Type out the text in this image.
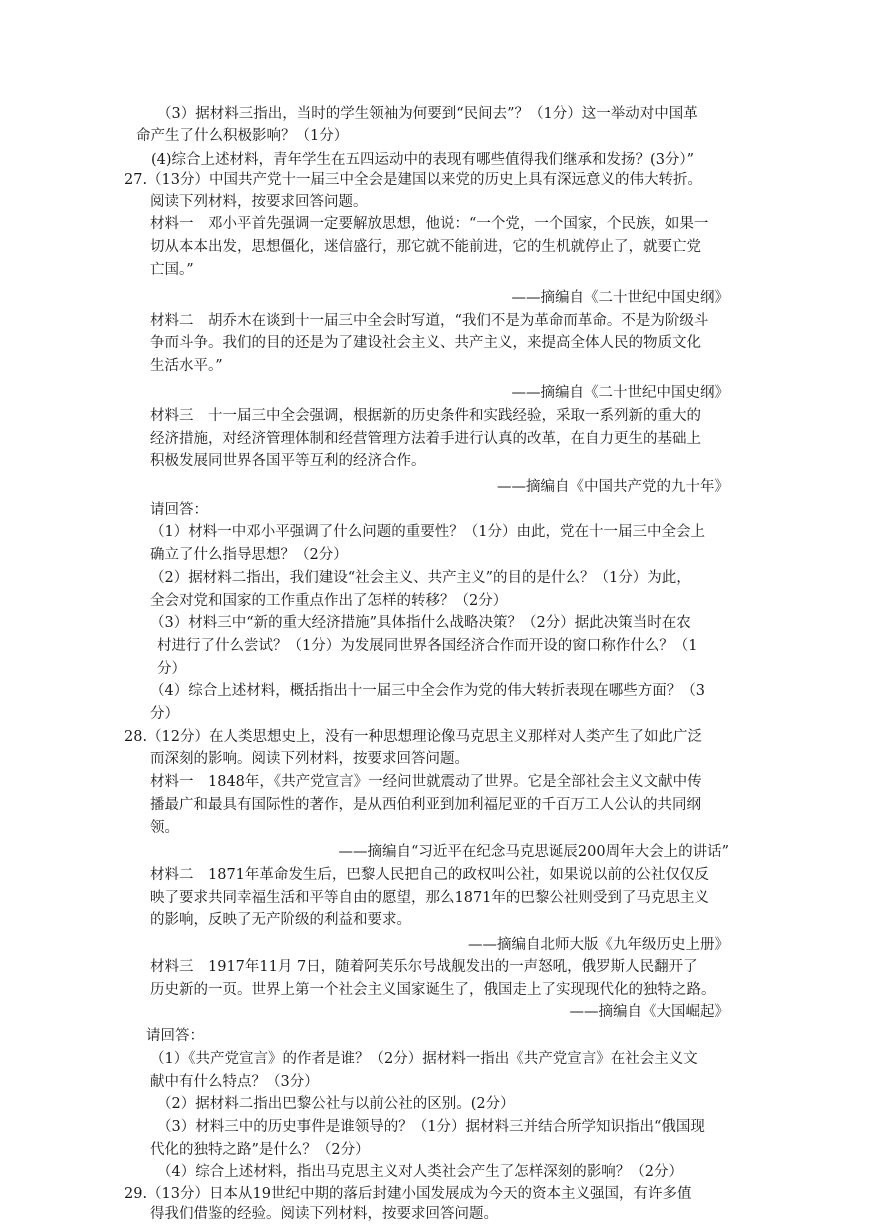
（3）据材料三指出，当时的学生领袖为何要到“民间去”？（1分）这一举动对中国革
命产生了什么积极影响？（1分）
(4)综合上述材料，青年学生在五四运动中的表现有哪些值得我们继承和发扬？(3分）”
27.（13分）中国共产党十一届三中全会是建国以来党的历史上具有深远意义的伟大转折。
阅读下列材料，按要求回答问题。
材料一　邓小平首先强调一定要解放思想，他说：“一个党，一个国家，个民族，如果一
切从本本出发，思想僵化，迷信盛行，那它就不能前进，它的生机就停止了，就要亡党
亡国。”
——摘编自《二十世纪中国史纲》
材料二　胡乔木在谈到十一届三中全会时写道，“我们不是为革命而革命。不是为阶级斗
争而斗争。我们的目的还是为了建设社会主义、共产主义，来提高全体人民的物质文化
生活水平。”
——摘编自《二十世纪中国史纲》
材料三　十一届三中全会强调，根据新的历史条件和实践经验，采取一系列新的重大的
经济措施，对经济管理体制和经营管理方法着手进行认真的改革，在自力更生的基础上
积极发展同世界各国平等互利的经济合作。
——摘编自《中国共产党的九十年》
请回答：
（1）材料一中邓小平强调了什么问题的重要性？（1分）由此，党在十一届三中全会上
确立了什么指导思想？（2分）
（2）据材料二指出，我们建设“社会主义、共产主义”的目的是什么？（1分）为此，
全会对党和国家的工作重点作出了怎样的转移？（2分）
（3）材料三中“新的重大经济措施”具体指什么战略决策？（2分）据此决策当时在农
村进行了什么尝试？（1分）为发展同世界各国经济合作而开设的窗口称作什么？（1
分）
（4）综合上述材料，概括指出十一届三中全会作为党的伟大转折表现在哪些方面？（3
分）
28.（12分）在人类思想史上，没有一种思想理论像马克思主义那样对人类产生了如此广泛
而深刻的影响。阅读下列材料，按要求回答问题。
材料一　1848年，《共产党宣言》一经问世就震动了世界。它是全部社会主义文献中传
播最广和最具有国际性的著作，是从西伯利亚到加利福尼亚的千百万工人公认的共同纲
领。
——摘编自“习近平在纪念马克思诞辰200周年大会上的讲话”
材料二　1871年革命发生后，巴黎人民把自己的政权叫公社，如果说以前的公社仅仅反
映了要求共同幸福生活和平等自由的愿望，那么1871年的巴黎公社则受到了马克思主义
的影响，反映了无产阶级的利益和要求。
——摘编自北师大版《九年级历史上册》
材料三　1917年11月 7日，随着阿芙乐尔号战舰发出的一声怒吼，俄罗斯人民翻开了
历史新的一页。世界上第一个社会主义国家诞生了，俄国走上了实现现代化的独特之路。
——摘编自《大国崛起》
请回答：
（1）《共产党宣言》的作者是谁？（2分）据材料一指出《共产党宣言》在社会主义文
献中有什么特点？（3分）
（2）据材料二指出巴黎公社与以前公社的区别。(2分）
（3）材料三中的历史事件是谁领导的？（1分）据材料三并结合所学知识指出“俄国现
代化的独特之路”是什么？（2分）
（4）综合上述材料，指出马克思主义对人类社会产生了怎样深刻的影响？（2分）
29.（13分）日本从19世纪中期的落后封建小国发展成为今天的资本主义强国，有许多值
得我们借鉴的经验。阅读下列材料，按要求回答问题。
